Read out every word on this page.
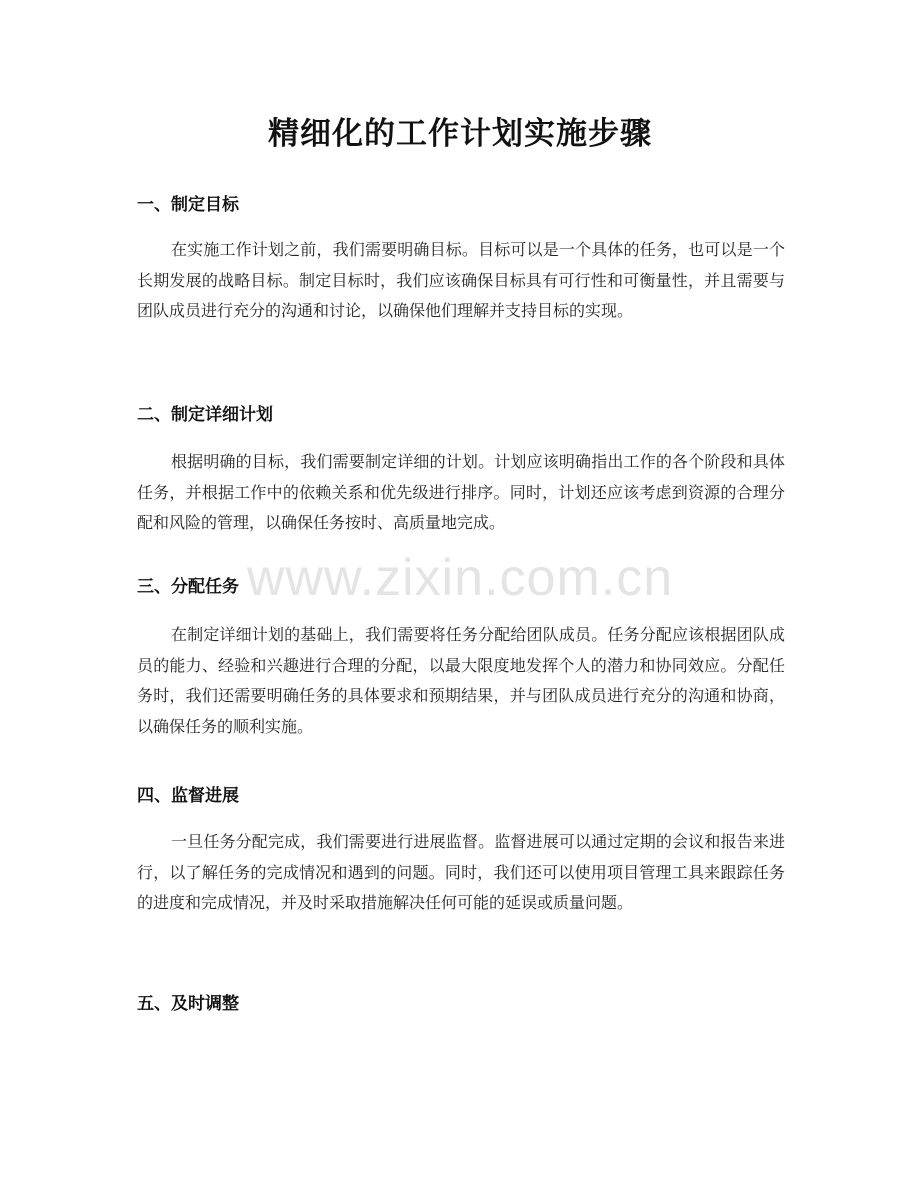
精细化的工作计划实施步骤
www.zixin.com.cn
一、制定目标
在实施工作计划之前，我们需要明确目标。目标可以是一个具体的任务，也可以是一个长期发展的战略目标。制定目标时，我们应该确保目标具有可行性和可衡量性，并且需要与团队成员进行充分的沟通和讨论，以确保他们理解并支持目标的实现。
二、制定详细计划
根据明确的目标，我们需要制定详细的计划。计划应该明确指出工作的各个阶段和具体任务，并根据工作中的依赖关系和优先级进行排序。同时，计划还应该考虑到资源的合理分配和风险的管理，以确保任务按时、高质量地完成。
三、分配任务
在制定详细计划的基础上，我们需要将任务分配给团队成员。任务分配应该根据团队成员的能力、经验和兴趣进行合理的分配，以最大限度地发挥个人的潜力和协同效应。分配任务时，我们还需要明确任务的具体要求和预期结果，并与团队成员进行充分的沟通和协商，以确保任务的顺利实施。
四、监督进展
一旦任务分配完成，我们需要进行进展监督。监督进展可以通过定期的会议和报告来进行，以了解任务的完成情况和遇到的问题。同时，我们还可以使用项目管理工具来跟踪任务的进度和完成情况，并及时采取措施解决任何可能的延误或质量问题。
五、及时调整
